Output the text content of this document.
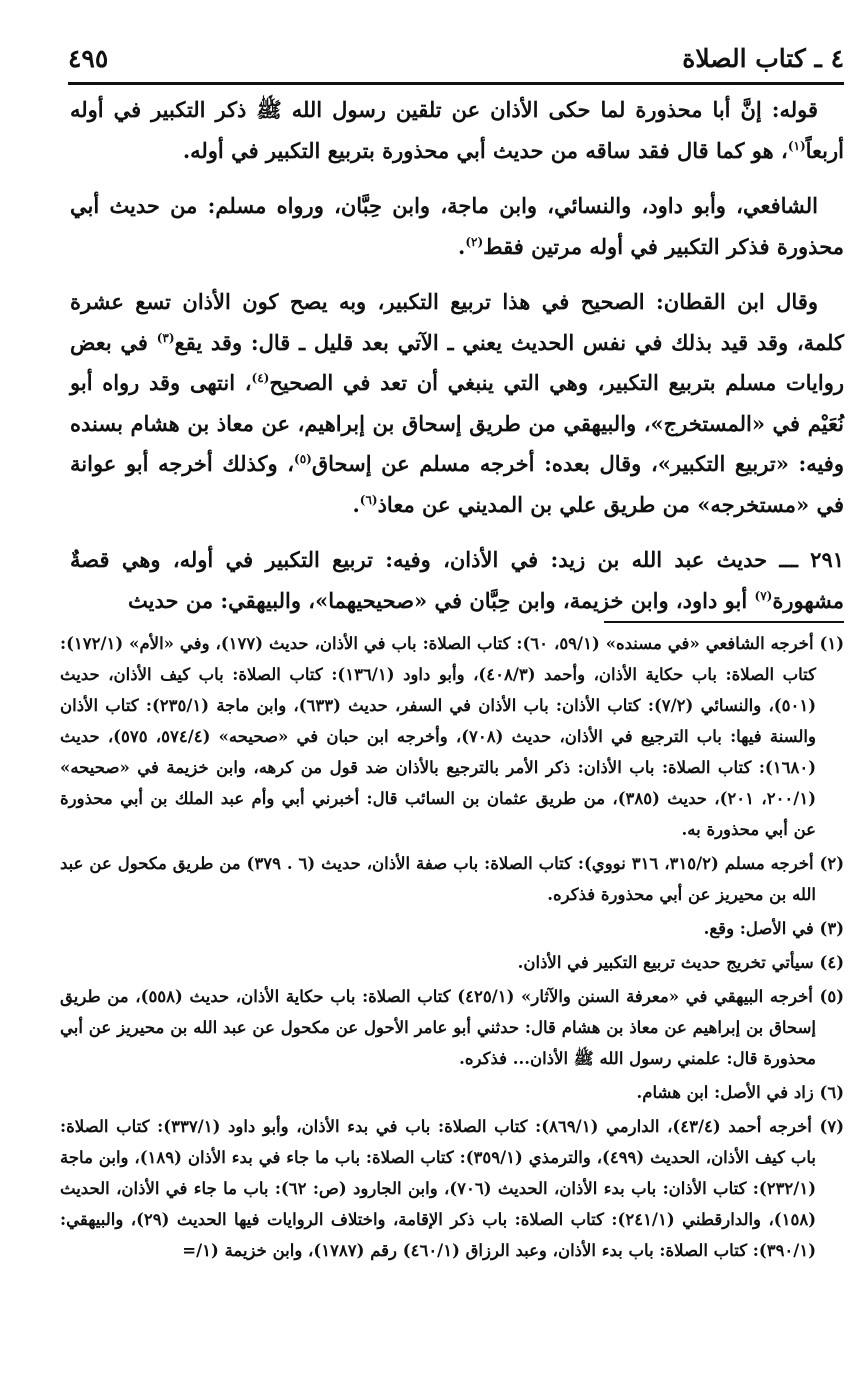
٤ ـ كتاب الصلاة
٤٩٥

قوله: إنَّ أبا محذورة لما حكى الأذان عن تلقين رسول الله ﷺ ذكر التكبير في أوله أربعاً$^{(١)}$، هو كما قال فقد ساقه من حديث أبي محذورة بتربيع التكبير في أوله.

الشافعي، وأبو داود، والنسائي، وابن ماجة، وابن حِبَّان، ورواه مسلم: من حديث أبي محذورة فذكر التكبير في أوله مرتين فقط$^{(٢)}$.

وقال ابن القطان: الصحيح في هذا تربيع التكبير، وبه يصح كون الأذان تسع عشرة كلمة، وقد قيد بذلك في نفس الحديث يعني ـ الآتي بعد قليل ـ قال: وقد يقع$^{(٣)}$ في بعض روايات مسلم بتربيع التكبير، وهي التي ينبغي أن تعد في الصحيح$^{(٤)}$، انتهى وقد رواه أبو نُعَيْم في «المستخرج»، والبيهقي من طريق إسحاق بن إبراهيم، عن معاذ بن هشام بسنده وفيه: «تربيع التكبير»، وقال بعده: أخرجه مسلم عن إسحاق$^{(٥)}$، وكذلك أخرجه أبو عوانة في «مستخرجه» من طريق علي بن المديني عن معاذ$^{(٦)}$.

٢٩١ ـــ حديث عبد الله بن زيد: في الأذان، وفيه: تربيع التكبير في أوله، وهي قصةٌ مشهورة$^{(٧)}$ أبو داود، وابن خزيمة، وابن حِبَّان في «صحيحيهما»، والبيهقي: من حديث

(١) أخرجه الشافعي «في مسنده» (٥٩/١، ٦٠): كتاب الصلاة: باب في الأذان، حديث (١٧٧)، وفي «الأم» (١٧٢/١): كتاب الصلاة: باب حكاية الأذان، وأحمد (٤٠٨/٣)، وأبو داود (١٣٦/١): كتاب الصلاة: باب كيف الأذان، حديث (٥٠١)، والنسائي (٧/٢): كتاب الأذان: باب الأذان في السفر، حديث (٦٣٣)، وابن ماجة (٢٣٥/١): كتاب الأذان والسنة فيها: باب الترجيع في الأذان، حديث (٧٠٨)، وأخرجه ابن حبان في «صحيحه» (٥٧٤/٤، ٥٧٥)، حديث (١٦٨٠): كتاب الصلاة: باب الأذان: ذكر الأمر بالترجيع بالأذان ضد قول من كرهه، وابن خزيمة في «صحيحه» (٢٠٠/١، ٢٠١)، حديث (٣٨٥)، من طريق عثمان بن السائب قال: أخبرني أبي وأم عبد الملك بن أبي محذورة عن أبي محذورة به.

(٢) أخرجه مسلم (٣١٥/٢، ٣١٦ نووي): كتاب الصلاة: باب صفة الأذان، حديث (٦ . ٣٧٩) من طريق مكحول عن عبد الله بن محيريز عن أبي محذورة فذكره.

(٣) في الأصل: وقع.

(٤) سيأتي تخريج حديث تربيع التكبير في الأذان.

(٥) أخرجه البيهقي في «معرفة السنن والآثار» (٤٢٥/١) كتاب الصلاة: باب حكاية الأذان، حديث (٥٥٨)، من طريق إسحاق بن إبراهيم عن معاذ بن هشام قال: حدثني أبو عامر الأحول عن مكحول عن عبد الله بن محيريز عن أبي محذورة قال: علمني رسول الله ﷺ الأذان... فذكره.

(٦) زاد في الأصل: ابن هشام.

(٧) أخرجه أحمد (٤٣/٤)، الدارمي (٨٦٩/١): كتاب الصلاة: باب في بدء الأذان، وأبو داود (٣٣٧/١): كتاب الصلاة: باب كيف الأذان، الحديث (٤٩٩)، والترمذي (٣٥٩/١): كتاب الصلاة: باب ما جاء في بدء الأذان (١٨٩)، وابن ماجة (٢٣٢/١): كتاب الأذان: باب بدء الأذان، الحديث (٧٠٦)، وابن الجارود (ص: ٦٢): باب ما جاء في الأذان، الحديث (١٥٨)، والدارقطني (٢٤١/١): كتاب الصلاة: باب ذكر الإقامة، واختلاف الروايات فيها الحديث (٢٩)، والبيهقي: (٣٩٠/١): كتاب الصلاة: باب بدء الأذان، وعبد الرزاق (٤٦٠/١) رقم (١٧٨٧)، وابن خزيمة (١/=
